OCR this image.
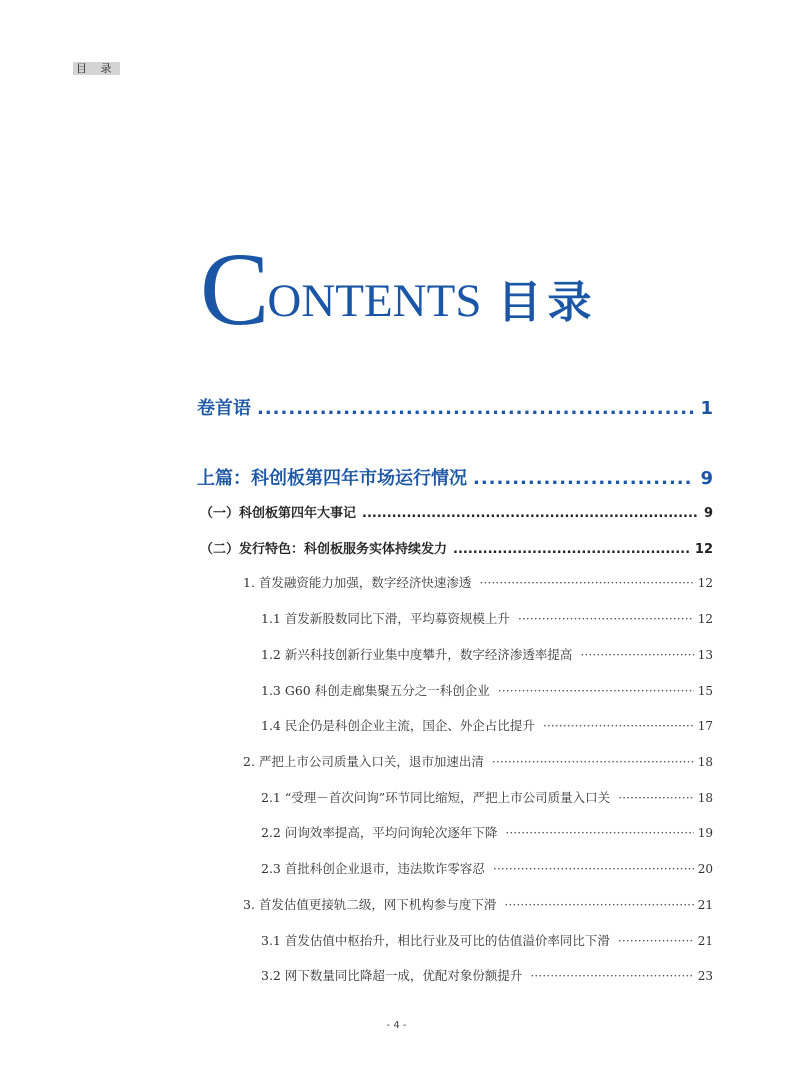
目 录
C
ONTENTS 目录
卷首语 .....	1
上篇：科创板第四年市场运行情况 .....	9
（一）科创板第四年大事记 .....	9
（二）发行特色：科创板服务实体持续发力 .....	12
1. 首发融资能力加强，数字经济快速渗透 ·····	12
1.1 首发新股数同比下滑，平均募资规模上升 ·····	12
1.2 新兴科技创新行业集中度攀升，数字经济渗透率提高 ·····	13
1.3 G60 科创走廊集聚五分之一科创企业 ·····	15
1.4 民企仍是科创企业主流，国企、外企占比提升 ·····	17
2. 严把上市公司质量入口关，退市加速出清 ·····	18
2.1 “受理－首次问询”环节同比缩短，严把上市公司质量入口关 ·····	18
2.2 问询效率提高，平均问询轮次逐年下降 ·····	19
2.3 首批科创企业退市，违法欺诈零容忍 ·····	20
3. 首发估值更接轨二级，网下机构参与度下滑 ·····	21
3.1 首发估值中枢抬升，相比行业及可比的估值溢价率同比下滑 ·····	21
3.2 网下数量同比降超一成，优配对象份额提升 ·····	23
- 4 -
